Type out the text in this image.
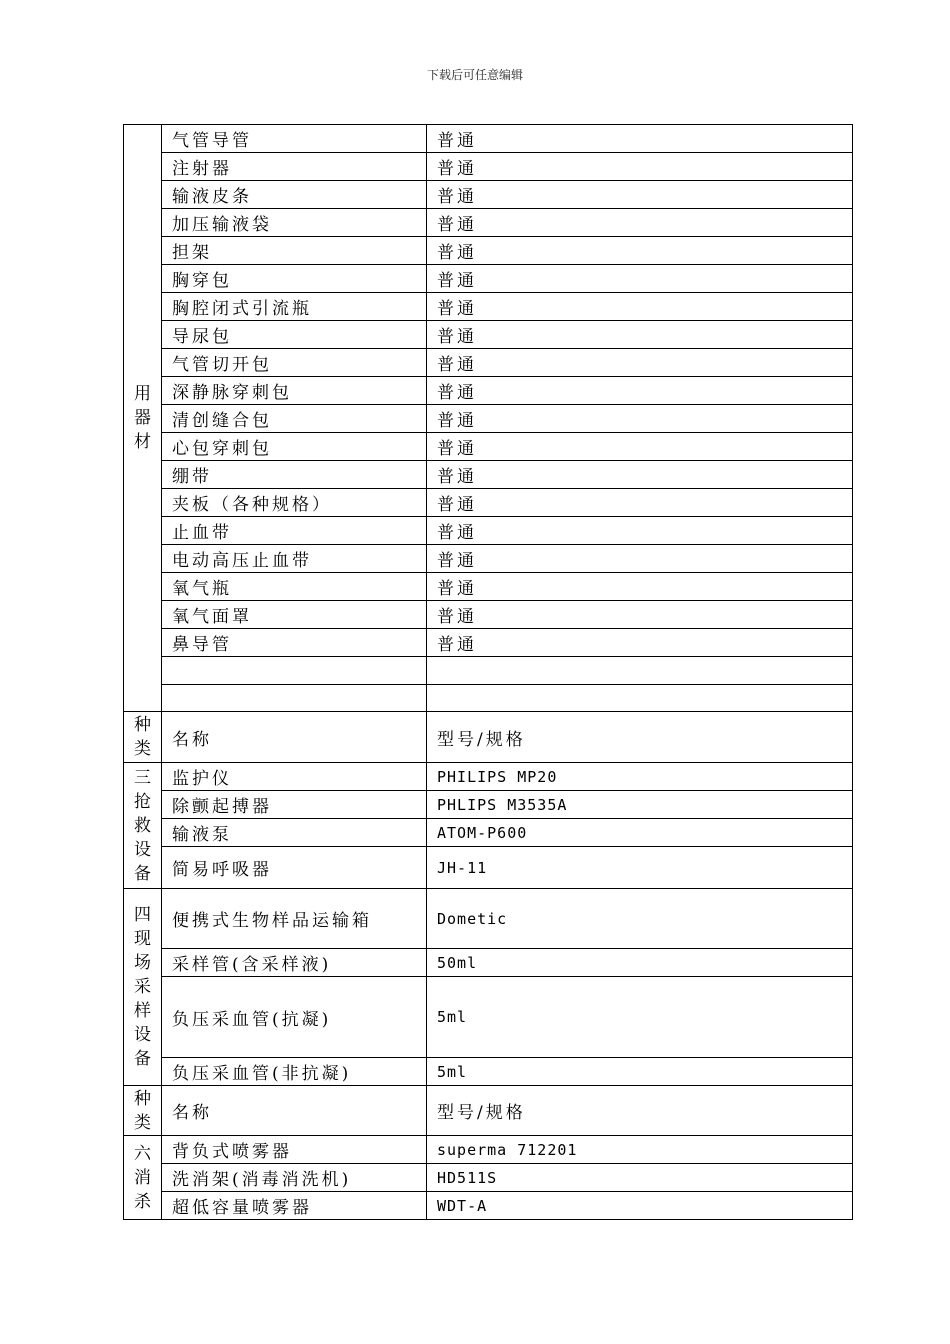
下载后可任意编辑
用器材	气管导管	普通
	注射器	普通
	输液皮条	普通
	加压输液袋	普通
	担架	普通
	胸穿包	普通
	胸腔闭式引流瓶	普通
	导尿包	普通
	气管切开包	普通
	深静脉穿刺包	普通
	清创缝合包	普通
	心包穿刺包	普通
	绷带	普通
	夹板（各种规格）	普通
	止血带	普通
	电动高压止血带	普通
	氧气瓶	普通
	氧气面罩	普通
	鼻导管	普通

种类	名称	型号/规格
三抢救设备	监护仪	PHILIPS MP20
	除颤起搏器	PHLIPS M3535A
	输液泵	ATOM-P600
	简易呼吸器	JH-11
四现场采样设备	便携式生物样品运输箱	Dometic
	采样管(含采样液)	50ml
	负压采血管(抗凝)	5ml
	负压采血管(非抗凝)	5ml
种类	名称	型号/规格
六消杀	背负式喷雾器	superma 712201
	洗消架(消毒消洗机)	HD511S
	超低容量喷雾器	WDT-A
